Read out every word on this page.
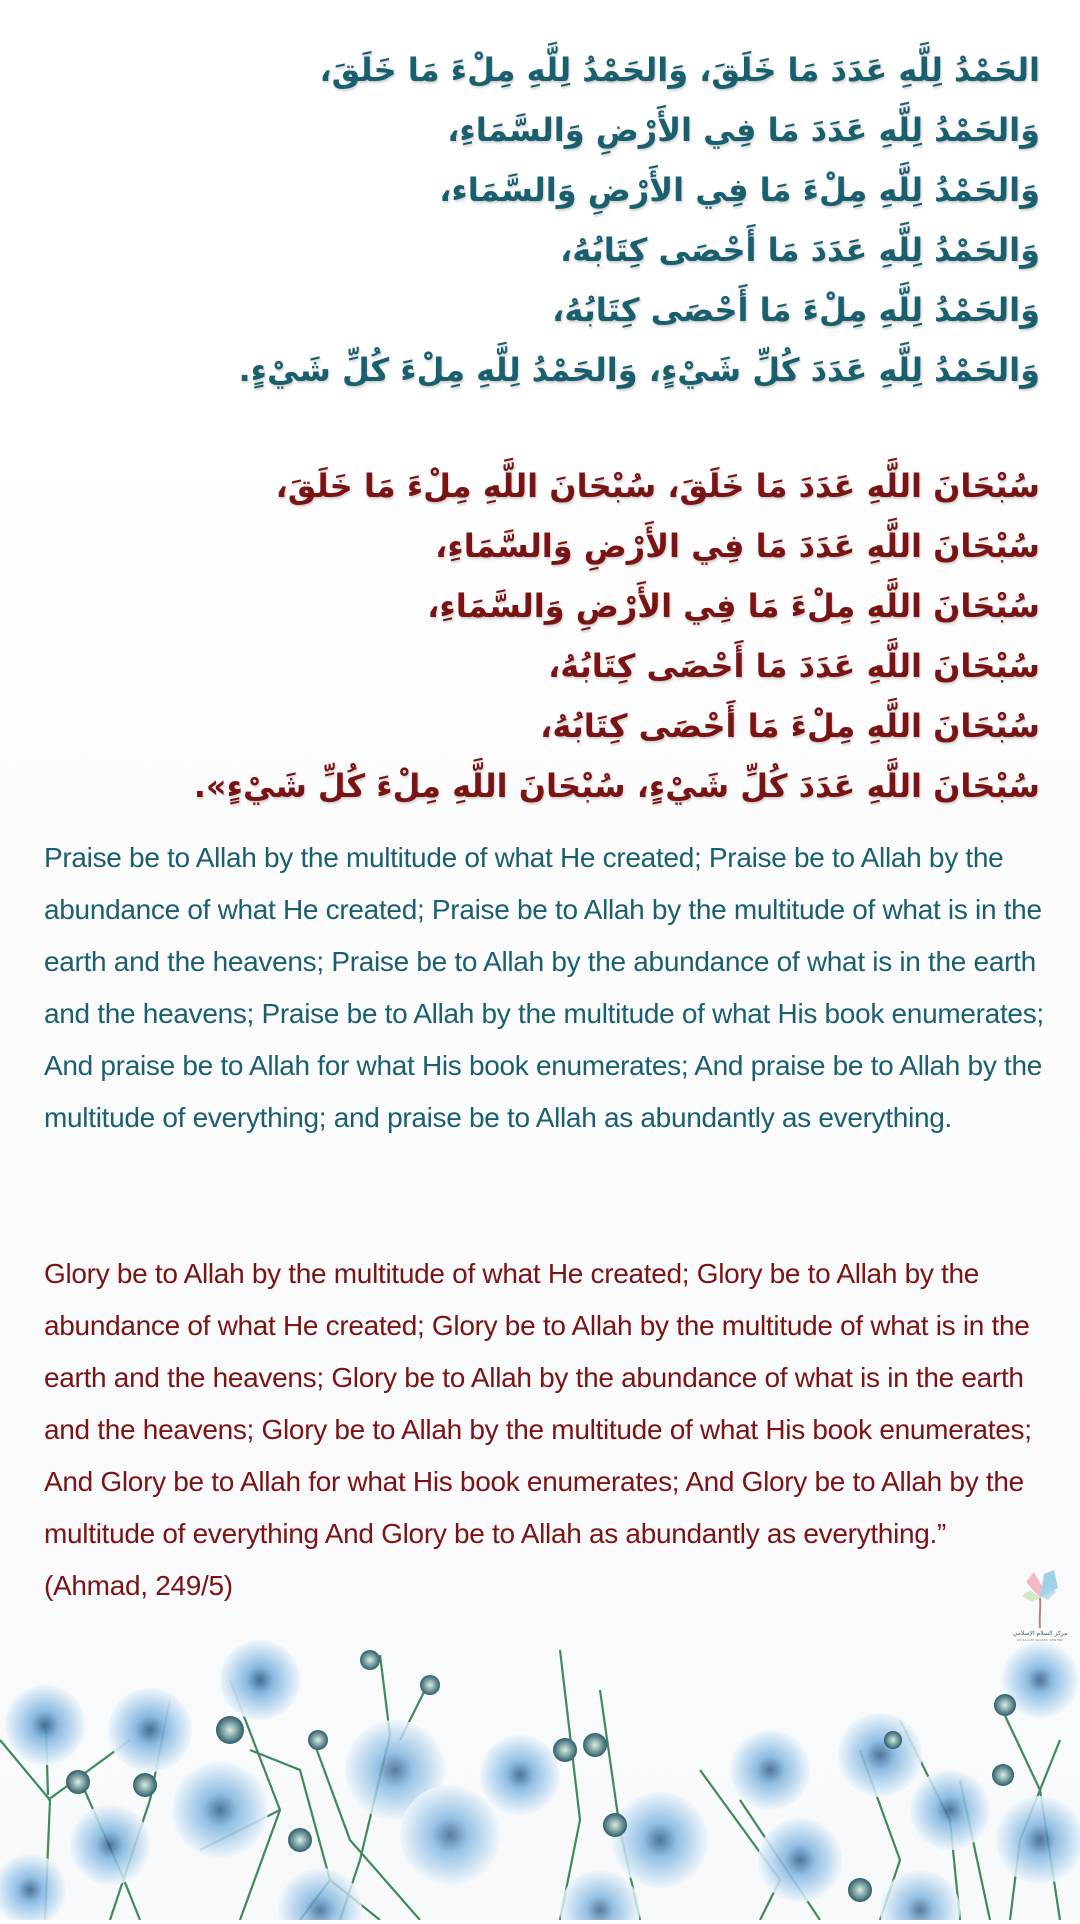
الحَمْدُ لِلَّهِ عَدَدَ مَا خَلَقَ، وَالحَمْدُ لِلَّهِ مِلْءَ مَا خَلَقَ،
وَالحَمْدُ لِلَّهِ عَدَدَ مَا فِي الأَرْضِ وَالسَّمَاءِ،
وَالحَمْدُ لِلَّهِ مِلْءَ مَا فِي الأَرْضِ وَالسَّمَاء،
وَالحَمْدُ لِلَّهِ عَدَدَ مَا أَحْصَى كِتَابُهُ،
وَالحَمْدُ لِلَّهِ مِلْءَ مَا أَحْصَى كِتَابُهُ،
وَالحَمْدُ لِلَّهِ عَدَدَ كُلِّ شَيْءٍ، وَالحَمْدُ لِلَّهِ مِلْءَ كُلِّ شَيْءٍ.
سُبْحَانَ اللَّهِ عَدَدَ مَا خَلَقَ، سُبْحَانَ اللَّهِ مِلْءَ مَا خَلَقَ،
سُبْحَانَ اللَّهِ عَدَدَ مَا فِي الأَرْضِ وَالسَّمَاءِ،
سُبْحَانَ اللَّهِ مِلْءَ مَا فِي الأَرْضِ وَالسَّمَاءِ،
سُبْحَانَ اللَّهِ عَدَدَ مَا أَحْصَى كِتَابُهُ،
سُبْحَانَ اللَّهِ مِلْءَ مَا أَحْصَى كِتَابُهُ،
سُبْحَانَ اللَّهِ عَدَدَ كُلِّ شَيْءٍ، سُبْحَانَ اللَّهِ مِلْءَ كُلِّ شَيْءٍ».

Praise be to Allah by the multitude of what He created; Praise be to Allah by the abundance of what He created; Praise be to Allah by the multitude of what is in the earth and the heavens; Praise be to Allah by the abundance of what is in the earth and the heavens; Praise be to Allah by the multitude of what His book enumerates; And praise be to Allah for what His book enumerates; And praise be to Allah by the multitude of everything; and praise be to Allah as abundantly as everything.

Glory be to Allah by the multitude of what He created; Glory be to Allah by the abundance of what He created; Glory be to Allah by the multitude of what is in the earth and the heavens; Glory be to Allah by the abundance of what is in the earth and the heavens; Glory be to Allah by the multitude of what His book enumerates; And Glory be to Allah for what His book enumerates; And Glory be to Allah by the multitude of everything And Glory be to Allah as abundantly as everything.” (Ahmad, 249/5)

مركز السلام الإسلامي
AS SALAM ISLAMIC CENTRE
